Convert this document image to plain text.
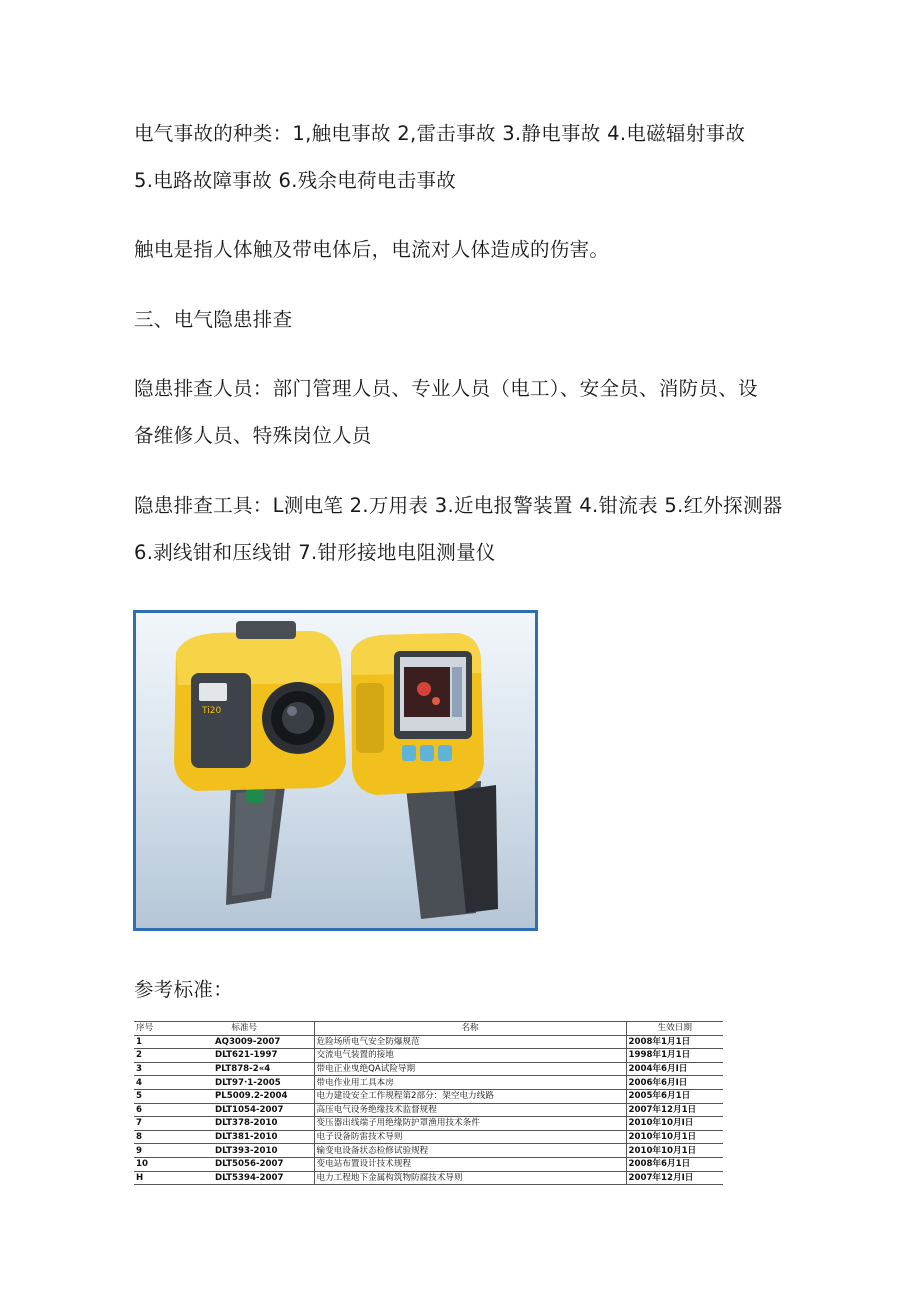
电气事故的种类：1,触电事故 2,雷击事故 3.静电事故 4.电磁辐射事故
5.电路故障事故 6.残余电荷电击事故
触电是指人体触及带电体后，电流对人体造成的伤害。
三、电气隐患排查
隐患排查人员：部门管理人员、专业人员（电工）、安全员、消防员、设
备维修人员、特殊岗位人员
隐患排查工具：L测电笔 2.万用表 3.近电报警装置 4.钳流表 5.红外探测器
6.剥线钳和压线钳 7.钳形接地电阻测量仪
Ti20
参考标准：
序号	标准号	名称	生效日期
1	AQ3009-2007	危险场所电气安全防爆规范	2008年1月1日
2	DLT621-1997	交流电气装置的接地	1998年1月1日
3	PLT878-2«4	带电正业曳绝QA试险导期	2004年6月I日
4	DLT97·1-2005	带电作业用工具本房	2006年6月I日
5	PL5009.2-2004	电力建设安全工作规程第2部分：架空电力线路	2005年6月1日
6	DLT1054-2007	高压电气设务绝缘技术监督规程	2007年12月1日
7	DLT378-2010	变压器出线端子用绝缘防护罩渔用技术条件	2010年10月I日
8	DLT381-2010	电子设备防雷技术导则	2010年10月1日
9	DLT393-2010	输变电设备状态检修试验规程	2010年10月1日
10	DLT5056-2007	变电站布置设计技术规程	2008年6月1日
H	DLT5394-2007	电力工程地下金属构筑物防腐技术导则	2007年12月I日
